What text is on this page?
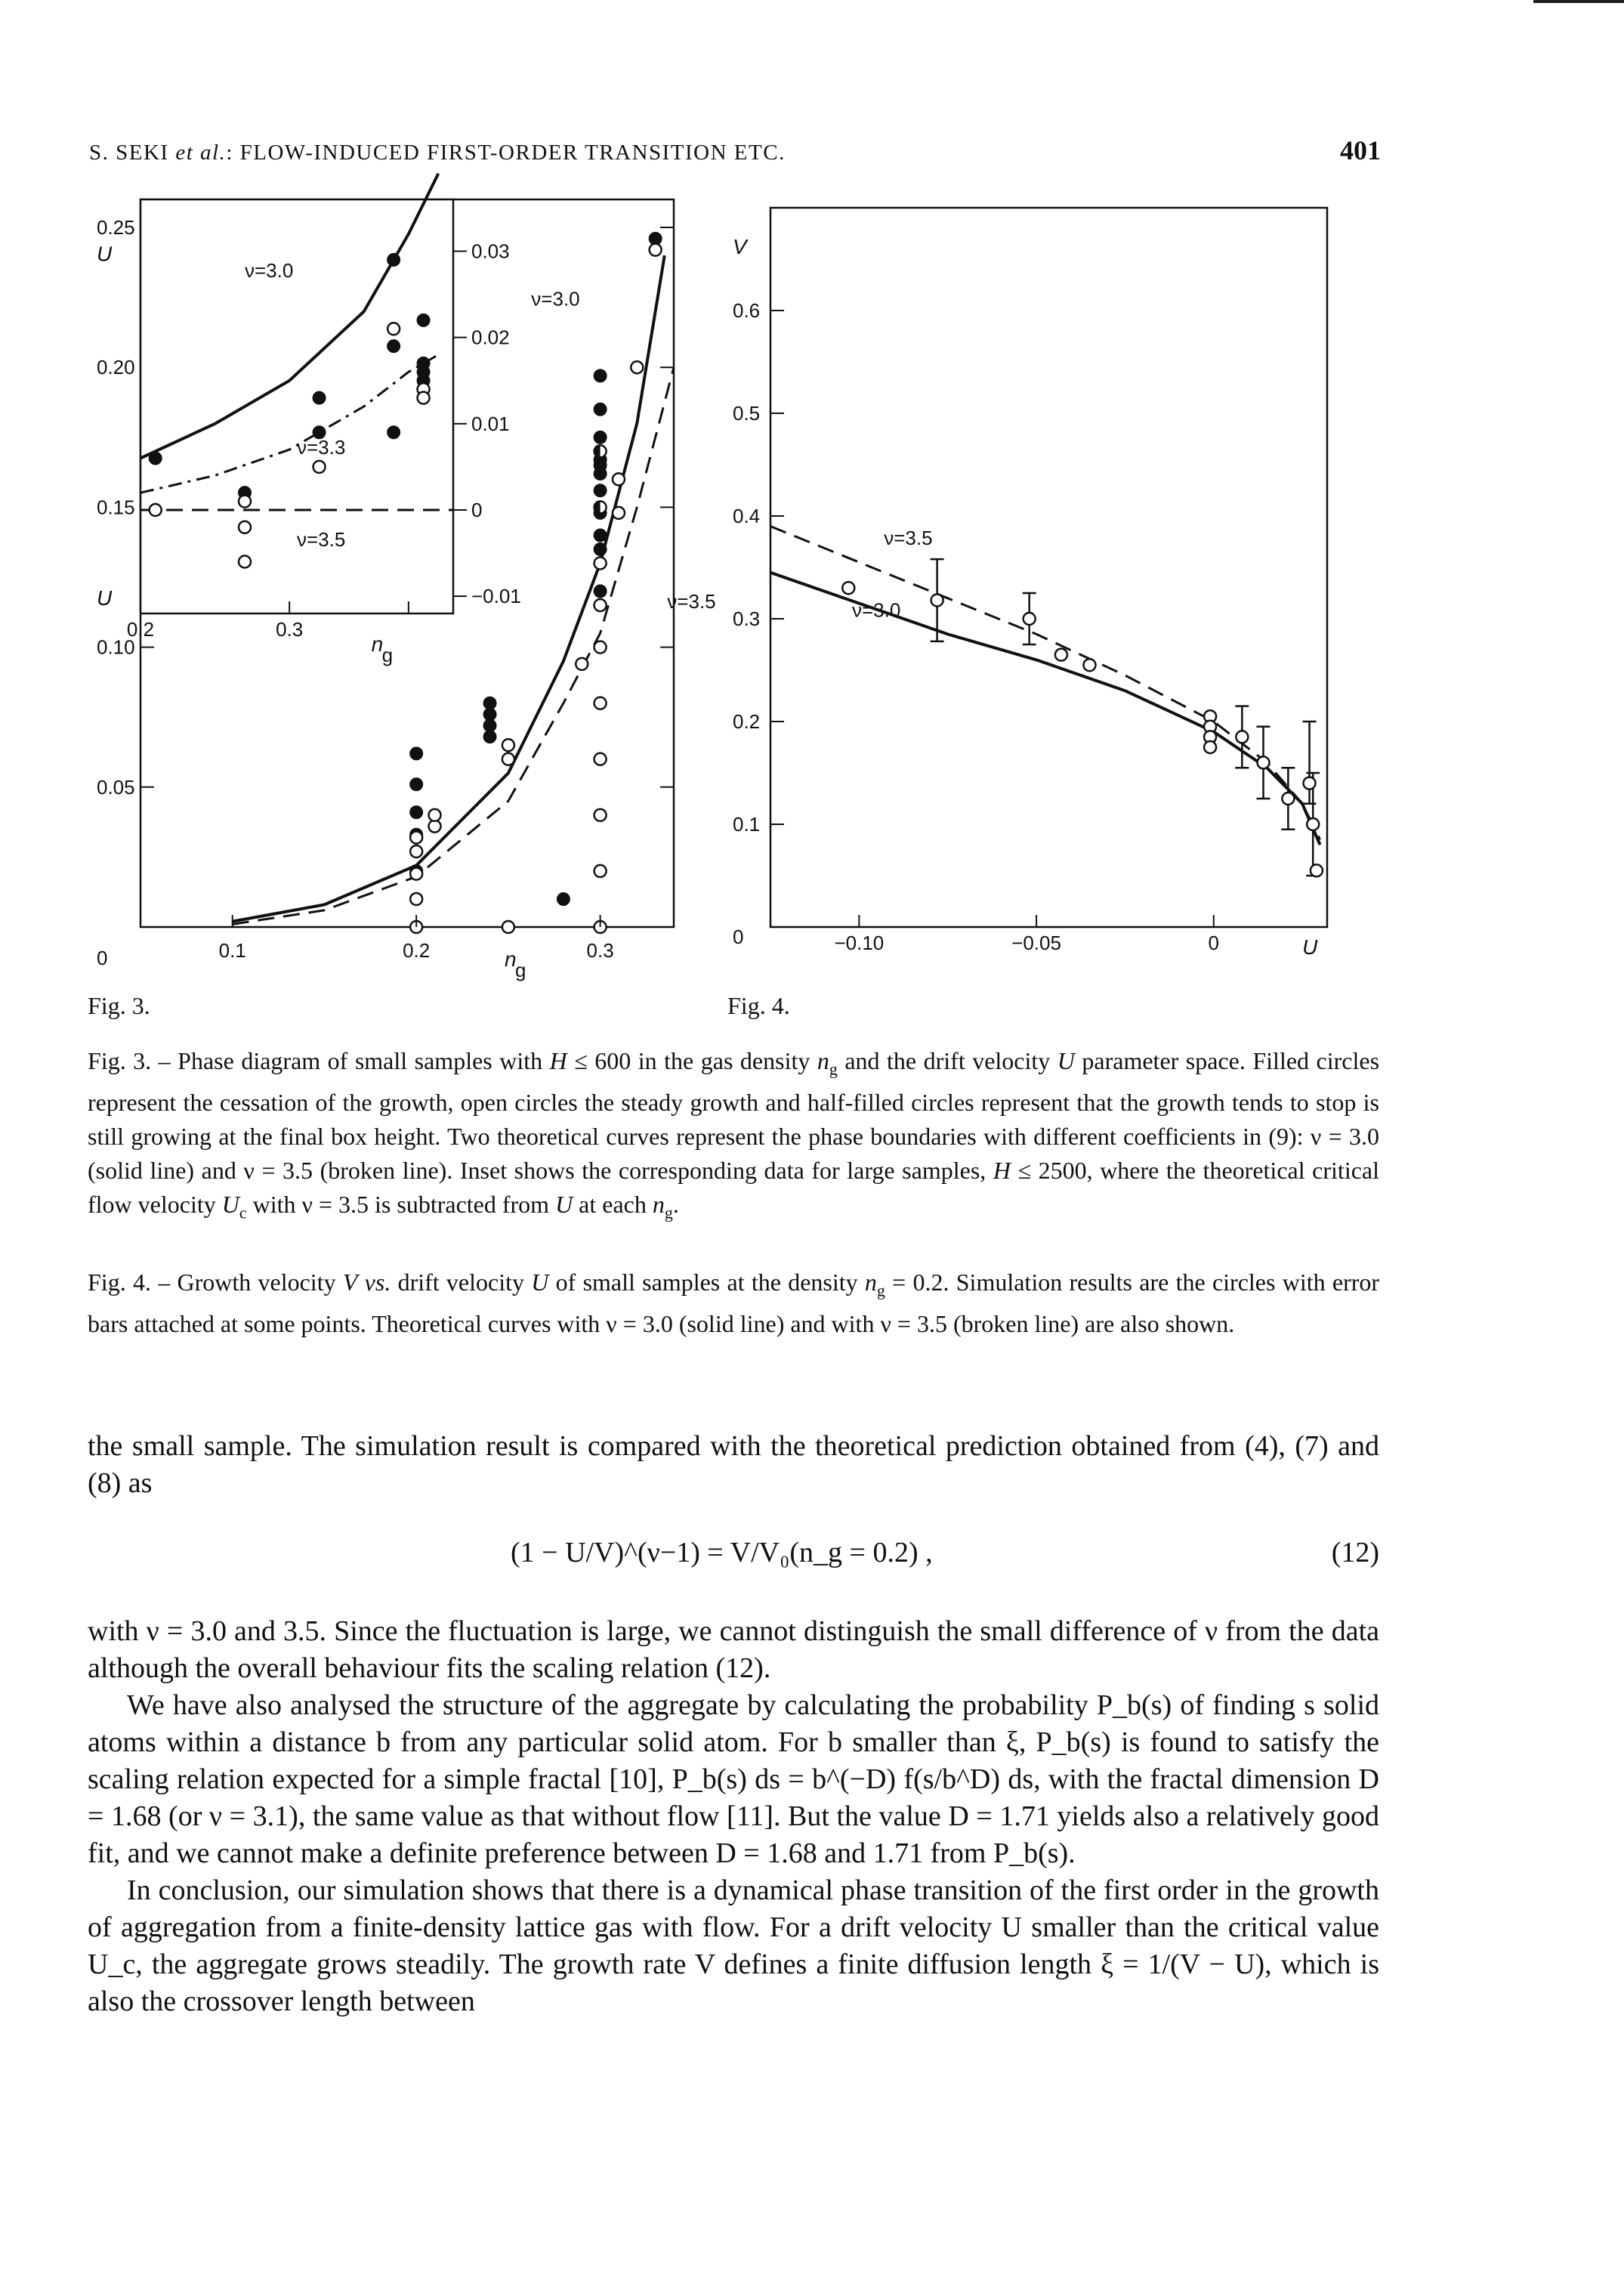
S. SEKI et al.: FLOW-INDUCED FIRST-ORDER TRANSITION ETC.	401
0.05
0.10
0.15
0.20
0.25
0	0.1	0.2	0.3
U
U
n
g
0.03
0.02
0.01
0
−0.01
0.2	0.3
n
g
ν=3.0
ν=3.3
ν=3.5
ν=3.0
ν=3.5
0.1
0.2
0.3
0.4
0.5
0.6
0
V
−0.10	−0.05	0	U
ν=3.5
ν=3.0
Fig. 3.	Fig. 4.
Fig. 3. – Phase diagram of small samples with H ≤ 600 in the gas density $n_g$ and the drift velocity U parameter space. Filled circles represent the cessation of the growth, open circles the steady growth and half-filled circles represent that the growth tends to stop is still growing at the final box height. Two theoretical curves represent the phase boundaries with different coefficients in (9): ν = 3.0 (solid line) and ν = 3.5 (broken line). Inset shows the corresponding data for large samples, H ≤ 2500, where the theoretical critical flow velocity $U_c$ with ν = 3.5 is subtracted from U at each $n_g$.
Fig. 4. – Growth velocity V vs. drift velocity U of small samples at the density $n_g = 0.2$. Simulation results are the circles with error bars attached at some points. Theoretical curves with ν = 3.0 (solid line) and with ν = 3.5 (broken line) are also shown.

the small sample. The simulation result is compared with the theoretical prediction obtained from (4), (7) and (8) as

(1 − U/V)^(ν−1) = V/V₀(n_g = 0.2) ,	(12)

with ν = 3.0 and 3.5. Since the fluctuation is large, we cannot distinguish the small difference of ν from the data although the overall behaviour fits the scaling relation (12).

We have also analysed the structure of the aggregate by calculating the probability P_b(s) of finding s solid atoms within a distance b from any particular solid atom. For b smaller than ξ, P_b(s) is found to satisfy the scaling relation expected for a simple fractal [10], P_b(s) ds = b^(−D) f(s/b^D) ds, with the fractal dimension D = 1.68 (or ν = 3.1), the same value as that without flow [11]. But the value D = 1.71 yields also a relatively good fit, and we cannot make a definite preference between D = 1.68 and 1.71 from P_b(s).

In conclusion, our simulation shows that there is a dynamical phase transition of the first order in the growth of aggregation from a finite-density lattice gas with flow. For a drift velocity U smaller than the critical value U_c, the aggregate grows steadily. The growth rate V defines a finite diffusion length ξ = 1/(V − U), which is also the crossover length between
